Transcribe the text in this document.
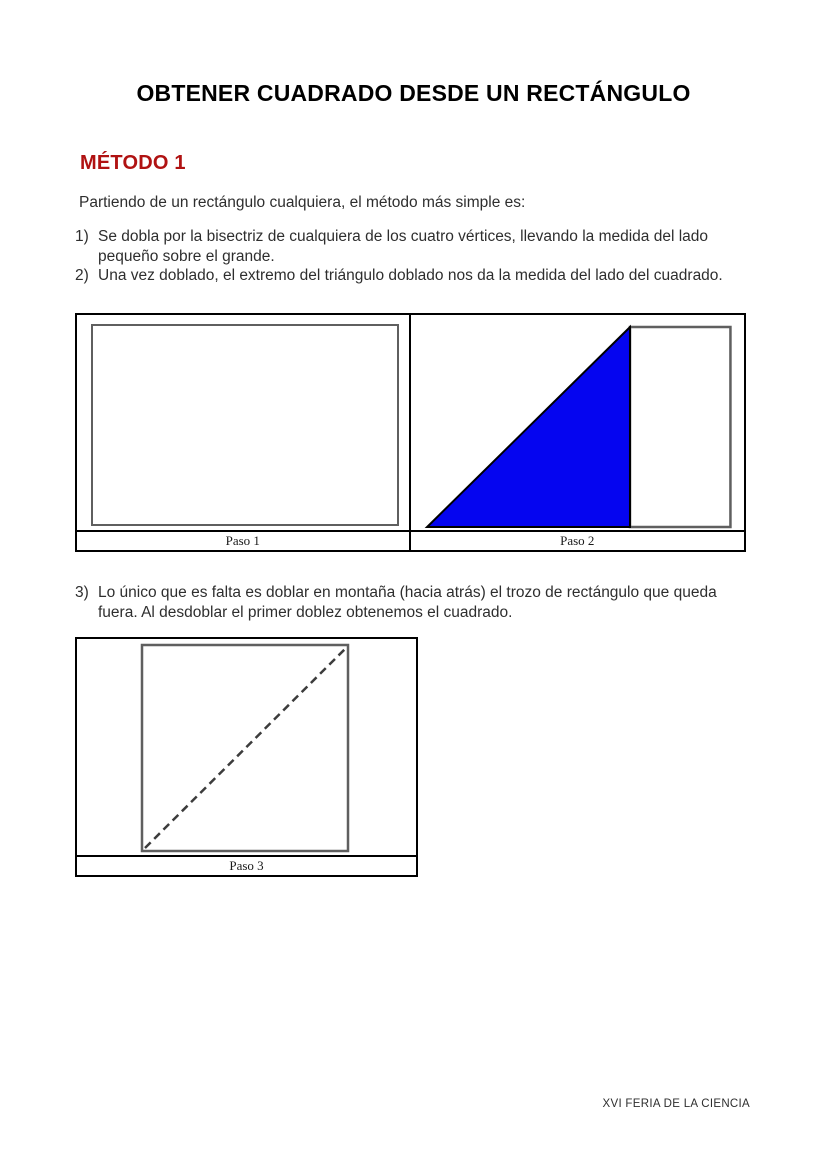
OBTENER CUADRADO DESDE UN RECTÁNGULO
MÉTODO 1

Partiendo de un rectángulo cualquiera, el método más simple es:

1) Se dobla por la bisectriz de cualquiera de los cuatro vértices, llevando la medida del lado pequeño sobre el grande.
2) Una vez doblado, el extremo del triángulo doblado nos da la medida del lado del cuadrado.
Paso 1	Paso 2
3) Lo único que es falta es doblar en montaña (hacia atrás) el trozo de rectángulo que queda fuera. Al desdoblar el primer doblez obtenemos el cuadrado.
Paso 3
XVI FERIA DE LA CIENCIA
